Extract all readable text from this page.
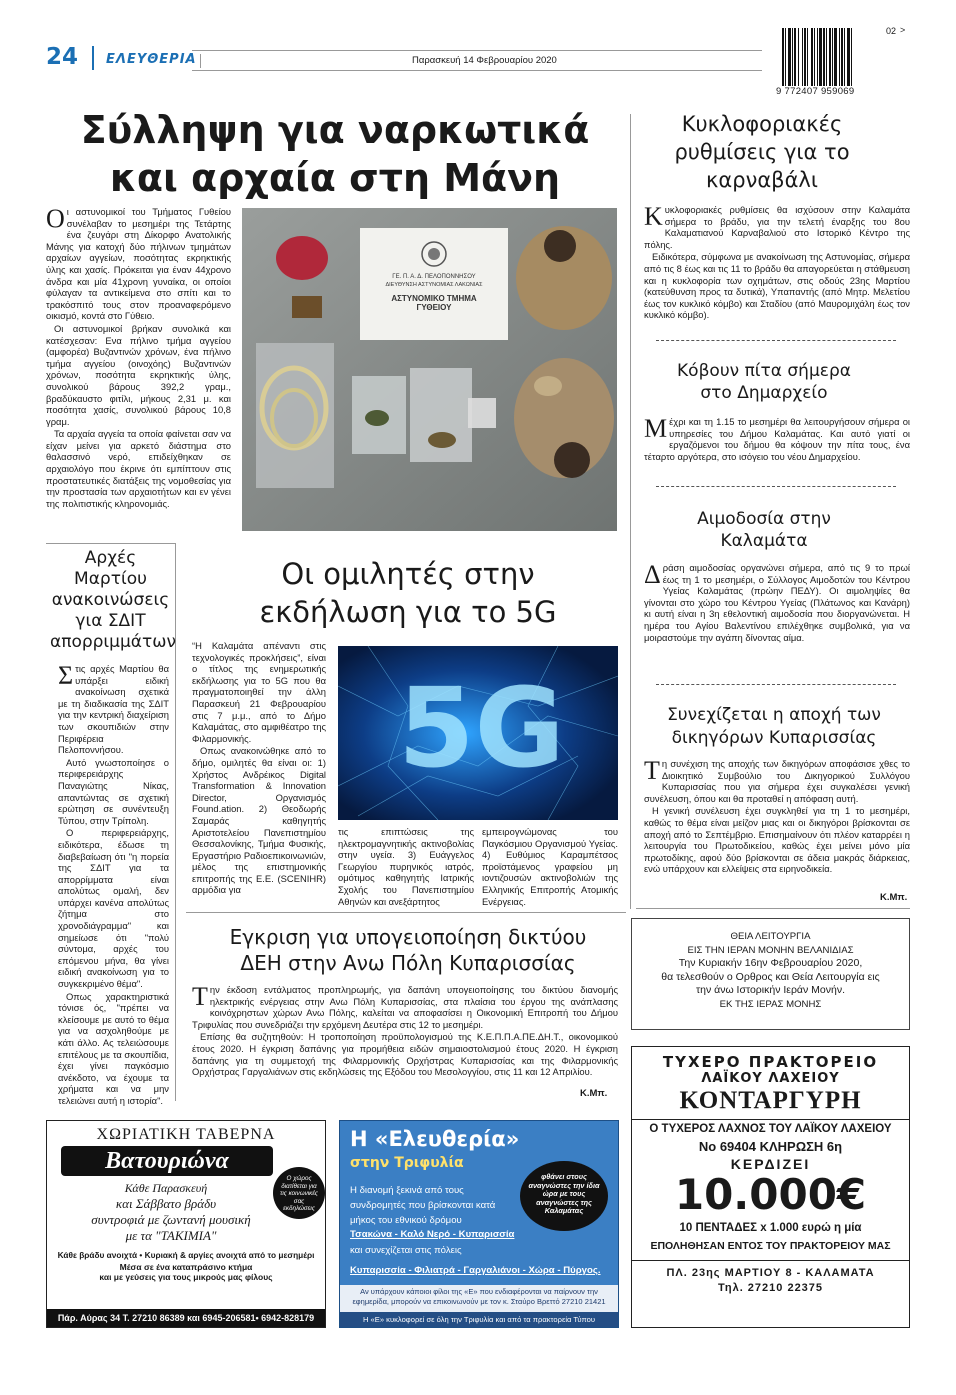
24 ΕΛΕΥΘΕΡΙΑ	Παρασκευή 14 Φεβρουαρίου 2020
02 >
9 772407 959069
Σύλληψη για ναρκωτικά
και αρχαία στη Μάνη

Οι αστυνομικοί του Τμήματος Γυθείου συνέλαβαν το μεσημέρι της Τετάρτης ένα ζευγάρι στη Δίκορφο Ανατολικής Μάνης για κατοχή δύο πήλινων τμημάτων αρχαίων αγγείων, ποσότητας εκρηκτικής ύλης και χασίς. Πρόκειται για έναν 44χρονο άνδρα και μία 41χρονη γυναίκα, οι οποίοι φύλαγαν τα αντικείμενα στο σπίτι και το τρακόσπιτό τους στον προαναφερόμενο οικισμό, κοντά στο Γύθειο.

Οι αστυνομικοί βρήκαν συνολικά και κατέσχεσαν: Ενα πήλινο τμήμα αγγείου (αμφορέα) Βυζαντινών χρόνων, ένα πήλινο τμήμα αγγείου (οινοχόης) Βυζαντινών χρόνων, ποσότητα εκρηκτικής ύλης, συνολικού βάρους 392,2 γραμ., βραδύκαυστο φιτίλι, μήκους 2,31 μ. και ποσότητα χασίς, συνολικού βάρους 10,8 γραμ.

Τα αρχαία αγγεία τα οποία φαίνεται σαν να είχαν μείνει για αρκετό διάστημα στο θαλασσινό νερό, επιδείχθηκαν σε αρχαιολόγο που έκρινε ότι εμπίπτουν στις προστατευτικές διατάξεις της νομοθεσίας για την προστασία των αρχαιοτήτων και εν γένει της πολιτιστικής κληρονομιάς.

ΓΕ. Π. Α. Δ. ΠΕΛΟΠΟΝΝΗΣΟΥ
ΔΙΕΥΘΥΝΣΗ ΑΣΤΥΝΟΜΙΑΣ ΛΑΚΩΝΙΑΣ
ΑΣΤΥΝΟΜΙΚΟ ΤΜΗΜΑ
ΓΥΘΕΙΟΥ
Αρχές Μαρτίου ανακοινώσεις για ΣΔΙΤ απορριμμάτων

Στις αρχές Μαρτίου θα υπάρξει ειδική ανακοίνωση σχετικά με τη διαδικασία της ΣΔΙΤ για την κεντρική διαχείριση των σκουπιδιών στην Περιφέρεια Πελοποννήσου.

Αυτό γνωστοποίησε ο περιφερειάρχης Παναγιώτης Νίκας, απαντώντας σε σχετική ερώτηση σε συνέντευξη Τύπου, στην Τρίπολη.

Ο περιφερειάρχης, ειδικότερα, έδωσε τη διαβεβαίωση ότι "η πορεία της ΣΔΙΤ για τα απορρίμματα είναι απολύτως ομαλή, δεν υπάρχει κανένα απολύτως ζήτημα στο χρονοδιάγραμμα" και σημείωσε ότι "πολύ σύντομα, αρχές του επόμενου μήνα, θα γίνει ειδική ανακοίνωση για το συγκεκριμένο θέμα".

Οπως χαρακτηριστικά τόνισε ός, "πρέπει να κλείσουμε με αυτό το θέμα για να ασχοληθούμε με κάτι άλλο. Ας τελειώσουμε επιτέλους με τα σκουπίδια, έχει γίνει παγκόσμιο ανέκδοτο, να έχουμε τα χρήματα και να μην τελειώνει αυτή η ιστορία".

Οι ομιλητές στην
εκδήλωση για το 5G

“Η Καλαμάτα απέναντι στις τεχνολογικές προκλήσεις”, είναι ο τίτλος της ενημερωτικής εκδήλωσης για το 5G που θα πραγματοποιηθεί την άλλη Παρασκευή 21 Φεβρουαρίου στις 7 μ.μ., από το Δήμο Καλαμάτας, στο αμφιθέατρο της Φιλαρμονικής.

Οπως ανακοινώθηκε από το δήμο, ομιλητές θα είναι οι: 1) Χρήστος Ανδρέικος Digital Transformation & Innovation Director, Οργανισμός Found.ation. 2) Θεοδωρής Σαμαράς καθηγητής Αριστοτελείου Πανεπιστημίου Θεσσαλονίκης, Τμήμα Φυσικής, Εργαστήριο Ραδιοεπικοινωνιών, μέλος της επιστημονικής επιτροπής της Ε.Ε. (SCENIHR) αρμόδια για

5G

τις επιπτώσεις της ηλεκτρομαγνητικής ακτινοβολίας στην υγεία. 3) Ευάγγελος Γεωργίου πυρηνικός ιατρός, ομότιμος καθηγητής Ιατρικής Σχολής του Πανεπιστημίου Αθηνών και ανεξάρτητος

εμπειρογνώμονας του Παγκόσμιου Οργανισμού Υγείας. 4) Ευθύμιος Καραμπέτσος προϊστάμενος γραφείου μη ιοντιζουσών ακτινοβολιών της Ελληνικής Επιτροπής Ατομικής Ενέργειας.

Εγκριση για υπογειοποίηση δικτύου
ΔΕΗ στην Ανω Πόλη Κυπαρισσίας

Την έκδοση εντάλματος προπληρωμής, για δαπάνη υπογειοποίησης του δικτύου διανομής ηλεκτρικής ενέργειας στην Ανω Πόλη Κυπαρισσίας, στα πλαίσια του έργου της ανάπλασης κοινόχρηστων χώρων Ανω Πόλης, καλείται να αποφασίσει η Οικονομική Επιτροπή του Δήμου Τριφυλίας που συνεδριάζει την ερχόμενη Δευτέρα στις 12 το μεσημέρι.

Επίσης θα συζητηθούν: Η τροποποίηση προϋπολογισμού της Κ.Ε.Π.Π.Α.ΠΕ.ΔΗ.Τ., οικονομικού έτους 2020. Η έγκριση δαπάνης για προμήθεια ειδών σημαιοστολισμού έτους 2020. Η έγκριση δαπάνης για τη συμμετοχή της Φιλαρμονικής Ορχήστρας Κυπαρισσίας και της Φιλαρμονικής Ορχήστρας Γαργαλιάνων στις εκδηλώσεις της Εξόδου του Μεσολογγίου, στις 11 και 12 Απριλίου.

Κ.Μπ.
Κυκλοφοριακές ρυθμίσεις για το καρναβάλι

Κυκλοφοριακές ρυθμίσεις θα ισχύσουν στην Καλαμάτα σήμερα το βράδυ, για την τελετή έναρξης του 8ου Καλαματιανού Καρναβαλιού στο Ιστορικό Κέντρο της πόλης.

Ειδικότερα, σύμφωνα με ανακοίνωση της Αστυνομίας, σήμερα από τις 8 έως και τις 11 το βράδυ θα απαγορεύεται η στάθμευση και η κυκλοφορία των οχημάτων, στις οδούς 23ης Μαρτίου (κατεύθυνση προς τα δυτικά), Υπαπαντής (από Μητρ. Μελετίου έως τον κυκλικό κόμβο) και Σταδίου (από Μαυρομιχάλη έως τον κυκλικό κόμβο).

Κόβουν πίτα σήμερα στο Δημαρχείο

Μέχρι και τη 1.15 το μεσημέρι θα λειτουργήσουν σήμερα οι υπηρεσίες του Δήμου Καλαμάτας. Και αυτό γιατί οι εργαζόμενοι του δήμου θα κόψουν την πίτα τους, ένα τέταρτο αργότερα, στο ισόγειο του νέου Δημαρχείου.

Αιμοδοσία στην Καλαμάτα

Δράση αιμοδοσίας οργανώνει σήμερα, από τις 9 το πρωί έως τη 1 το μεσημέρι, ο Σύλλογος Αιμοδοτών του Κέντρου Υγείας Καλαμάτας (πρώην ΠΕΔΥ). Οι αιμοληψίες θα γίνονται στο χώρο του Κέντρου Υγείας (Πλάτωνος και Κανάρη) κι αυτή είναι η 3η εθελοντική αιμοδοσία που διοργανώνεται. Η ημέρα του Αγίου Βαλεντίνου επιλέχθηκε συμβολικά, για να μοιραστούμε την αγάπη δίνοντας αίμα.

Συνεχίζεται η αποχή των δικηγόρων Κυπαρισσίας

Τη συνέχιση της αποχής των δικηγόρων αποφάσισε χθες το Διοικητικό Συμβούλιο του Δικηγορικού Συλλόγου Κυπαρισσίας που για σήμερα έχει συγκαλέσει γενική συνέλευση, όπου και θα προταθεί η απόφαση αυτή.

Η γενική συνέλευση έχει συγκληθεί για τη 1 το μεσημέρι, καθώς το θέμα είναι μείζον μιας και οι δικηγόροι βρίσκονται σε αποχή από το Σεπτέμβριο. Επισημαίνουν ότι πλέον καταρρέει η λειτουργία του Πρωτοδικείου, καθώς έχει μείνει μόνο μία πρωτοδίκης, αφού δύο βρίσκονται σε άδεια μακράς διάρκειας, ενώ υπάρχουν και ελλείψεις στα ειρηνοδικεία.

Κ.Μπ.
ΘΕΙΑ ΛΕΙΤΟΥΡΓΙΑ
ΕΙΣ ΤΗΝ ΙΕΡΑΝ ΜΟΝΗΝ ΒΕΛΑΝΙΔΙΑΣ
Την Κυριακήν 16ην Φεβρουαρίου 2020,
θα τελεσθούν ο Ορθρος και Θεία Λειτουργία εις
την άνω Ιστορικήν Ιεράν Μονήν.
ΕΚ ΤΗΣ ΙΕΡΑΣ ΜΟΝΗΣ
ΤΥΧΕΡΟ ΠΡΑΚΤΟΡΕΙΟ
ΛΑΪΚΟΥ ΛΑΧΕΙΟΥ
ΚΟΝΤΑΡΓΥΡΗ
Ο ΤΥΧΕΡΟΣ ΛΑΧΝΟΣ ΤΟΥ ΛΑΪΚΟΥ ΛΑΧΕΙΟΥ
Νο 69404 ΚΛΗΡΩΣΗ 6η
ΚΕΡΔΙΖΕΙ
10.000€
10 ΠΕΝΤΑΔΕΣ x 1.000 ευρώ η μία
ΕΠΟΛΗΘΗΣΑΝ ΕΝΤΟΣ ΤΟΥ ΠΡΑΚΤΟΡΕΙΟΥ ΜΑΣ
ΠΛ. 23ης ΜΑΡΤΙΟΥ 8 - ΚΑΛΑΜΑΤΑ
Τηλ. 27210 22375
ΧΩΡΙΑΤΙΚΗ ΤΑΒΕΡΝΑ
Βατουριώνα
Ο χώρος διατίθεται για τις κοινωνικές σας εκδηλώσεις
Κάθε Παρασκευή
και Σάββατο βράδυ
συντροφιά με ζωντανή μουσική
με τα "ΤΑΚΙΜΙΑ"
Κάθε βράδυ ανοιχτά • Κυριακή & αργίες ανοιχτά από το μεσημέρι
Μέσα σε ένα καταπράσινο κτήμα
και με γεύσεις για τους μικρούς μας φίλους
Πάρ. Αύρας 34 Τ. 27210 86389 και 6945-206581• 6942-828179
Η «Ελευθερία»
στην Τριφυλία
φθάνει στους αναγνώστες την ίδια ώρα με τους αναγνώστες της Καλαμάτας
Η διανομή ξεκινά από τους συνδρομητές που βρίσκονται κατά μήκος του εθνικού δρόμου
Τσακώνα - Καλό Νερό - Κυπαρισσία
και συνεχίζεται στις πόλεις
Κυπαρισσία - Φιλιατρά - Γαργαλιάνοι - Χώρα - Πύργος.
Αν υπάρχουν κάποιοι φίλοι της «Ε» που ενδιαφέρονται να παίρνουν την εφημερίδα, μπορούν να επικοινωνούν με τον κ. Σταύρο Βρεττό 27210 21421
Η «Ε» κυκλοφορεί σε όλη την Τριφυλία και από τα πρακτορεία Τύπου
